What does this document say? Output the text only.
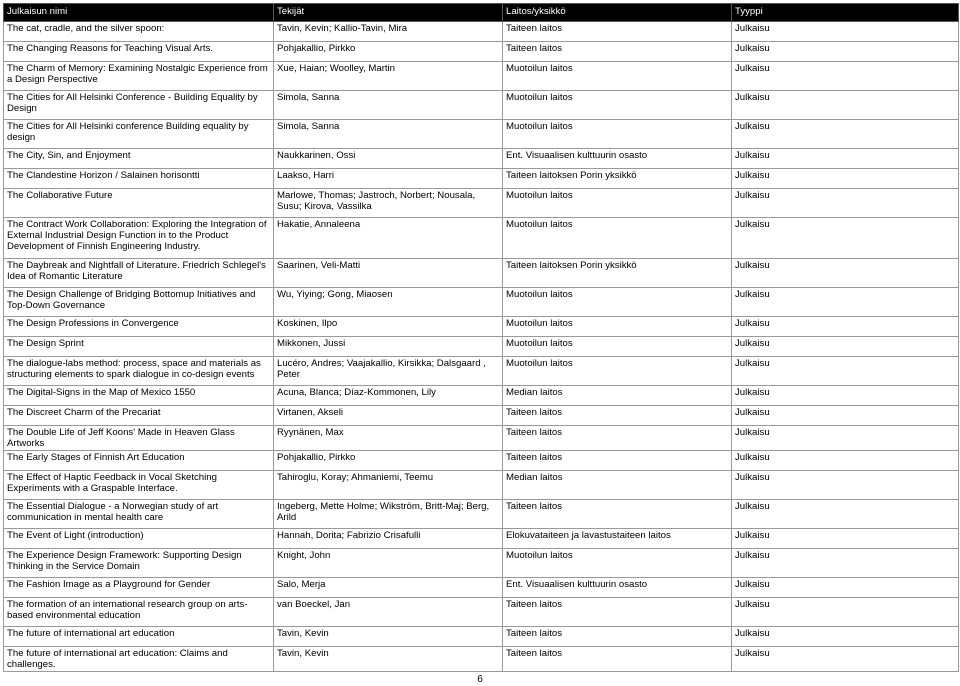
Julkaisun nimi	Tekijät	Laitos/yksikkö	Tyyppi
The cat, cradle, and the silver spoon:	Tavin, Kevin; Kallio-Tavin, Mira	Taiteen laitos	Julkaisu
The Changing Reasons for Teaching Visual Arts.	Pohjakallio, Pirkko	Taiteen laitos	Julkaisu
The Charm of Memory: Examining Nostalgic Experience from a Design Perspective	Xue, Haian; Woolley, Martin	Muotoilun laitos	Julkaisu
The Cities for All Helsinki Conference - Building Equality by Design	Simola, Sanna	Muotoilun laitos	Julkaisu
The Cities for All Helsinki conference Building equality by design	Simola, Sanna	Muotoilun laitos	Julkaisu
The City, Sin, and Enjoyment	Naukkarinen, Ossi	Ent. Visuaalisen kulttuurin osasto	Julkaisu
The Clandestine Horizon / Salainen horisontti	Laakso, Harri	Taiteen laitoksen Porin yksikkö	Julkaisu
The Collaborative Future	Marlowe, Thomas; Jastroch, Norbert; Nousala, Susu; Kirova, Vassilka	Muotoilun laitos	Julkaisu
The Contract Work Collaboration: Exploring the Integration of External Industrial Design Function in to the Product Development of Finnish Engineering Industry.	Hakatie, Annaleena	Muotoilun laitos	Julkaisu
The Daybreak and Nightfall of Literature. Friedrich Schlegel's Idea of Romantic Literature	Saarinen, Veli-Matti	Taiteen laitoksen Porin yksikkö	Julkaisu
The Design Challenge of Bridging Bottomup Initiatives and Top-Down Governance	Wu, Yiying; Gong, Miaosen	Muotoilun laitos	Julkaisu
The Design Professions in Convergence	Koskinen, Ilpo	Muotoilun laitos	Julkaisu
The Design Sprint	Mikkonen, Jussi	Muotoilun laitos	Julkaisu
The dialogue-labs method: process, space and materials as structuring elements to spark dialogue in co-design events	Lucéro, Andres; Vaajakallio, Kirsikka; Dalsgaard , Peter	Muotoilun laitos	Julkaisu
The Digital-Signs in the Map of Mexico 1550	Acuna, Blanca; Díaz-Kommonen, Lily	Median laitos	Julkaisu
The Discreet Charm of the Precariat	Virtanen, Akseli	Taiteen laitos	Julkaisu
The Double Life of Jeff Koons' Made in Heaven Glass Artworks	Ryynänen, Max	Taiteen laitos	Julkaisu
The Early Stages of Finnish Art Education	Pohjakallio, Pirkko	Taiteen laitos	Julkaisu
The Effect of Haptic Feedback in Vocal Sketching Experiments with a Graspable Interface.	Tahiroglu, Koray; Ahmaniemi, Teemu	Median laitos	Julkaisu
The Essential Dialogue - a Norwegian study of art communication in mental health care	Ingeberg, Mette Holme; Wikström, Britt-Maj; Berg, Arild	Taiteen laitos	Julkaisu
The Event of Light (introduction)	Hannah, Dorita; Fabrizio Crisafulli	Elokuvataiteen ja lavastustaiteen laitos	Julkaisu
The Experience Design Framework: Supporting Design Thinking in the Service Domain	Knight, John	Muotoilun laitos	Julkaisu
The Fashion Image as a Playground for Gender	Salo, Merja	Ent. Visuaalisen kulttuurin osasto	Julkaisu
The formation of an international research group on arts-based environmental education	van Boeckel, Jan	Taiteen laitos	Julkaisu
The future of international art education	Tavin, Kevin	Taiteen laitos	Julkaisu
The future of international art education: Claims and challenges.	Tavin, Kevin	Taiteen laitos	Julkaisu
6
